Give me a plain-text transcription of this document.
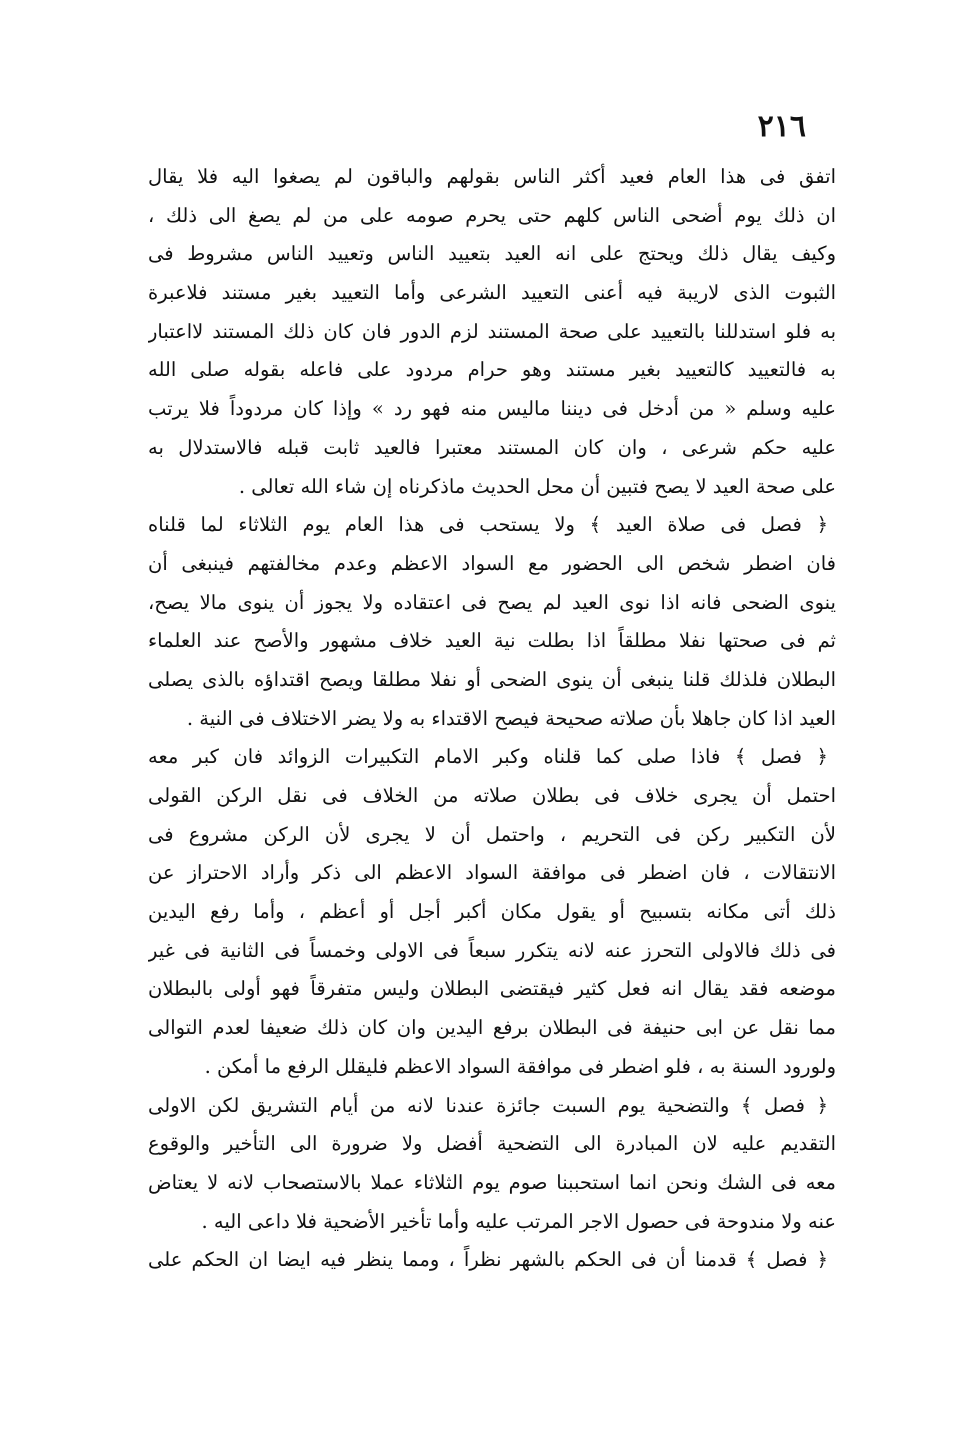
٢١٦
اتفق فى هذا العام فعيد أكثر الناس بقولهم والباقون لم يصغوا اليه فلا يقال
ان ذلك يوم أضحى الناس كلهم حتى يحرم صومه على من لم يصغ الى ذلك ،
وكيف يقال ذلك ويحتج على انه العيد بتعييد الناس وتعييد الناس مشروط فى
الثبوت الذى لاريبة فيه أعنى التعييد الشرعى وأما التعييد بغير مستند فلاعبرة
به فلو استدللنا بالتعييد على صحة المستند لزم الدور فان كان ذلك المستند لااعتبار
به فالتعييد كالتعييد بغير مستند وهو حرام مردود على فاعله بقوله صلى الله
عليه وسلم « من أدخل فى ديننا ماليس منه فهو رد » وإذا كان مردوداً فلا يرتب
عليه حكم شرعى ، وان كان المستند معتبرا فالعيد ثابت قبله فالاستدلال به
على صحة العيد لا يصح فتبين أن محل الحديث ماذكرناه إن شاء الله تعالى .
﴿ فصل فى صلاة العيد ﴾ ولا يستحب فى هذا العام يوم الثلاثاء لما قلناه
فان اضطر شخص الى الحضور مع السواد الاعظم وعدم مخالفتهم فينبغى أن
ينوى الضحى فانه اذا نوى العيد لم يصح فى اعتقاده ولا يجوز أن ينوى مالا يصح،
ثم فى صحتها نفلا مطلقاً اذا بطلت نية العيد خلاف مشهور والأصح عند العلماء
البطلان فلذلك قلنا ينبغى أن ينوى الضحى أو نفلا مطلقا ويصح اقتداؤه بالذى يصلى
العيد اذا كان جاهلا بأن صلاته صحيحة فيصح الاقتداء به ولا يضر الاختلاف فى النية .
﴿ فصل ﴾ فاذا صلى كما قلناه وكبر الامام التكبيرات الزوائد فان كبر معه
احتمل أن يجرى خلاف فى بطلان صلاته من الخلاف فى نقل الركن القولى
لأن التكبير ركن فى التحريم ، واحتمل أن لا يجرى لأن الركن مشروع فى
الانتقالات ، فان اضطر فى موافقة السواد الاعظم الى ذكر وأراد الاحتراز عن
ذلك أتى مكانه بتسبيح أو يقول مكان أكبر أجل أو أعظم ، وأما رفع اليدين
فى ذلك فالاولى التحرز عنه لانه يتكرر سبعاً فى الاولى وخمساً فى الثانية فى غير
موضعه فقد يقال انه فعل كثير فيقتضى البطلان وليس متفرقاً فهو أولى بالبطلان
مما نقل عن ابى حنيفة فى البطلان برفع اليدين وان كان ذلك ضعيفا لعدم التوالى
ولورود السنة به ، فلو اضطر فى موافقة السواد الاعظم فليقلل الرفع ما أمكن .
﴿ فصل ﴾ والتضحية يوم السبت جائزة عندنا لانه من أيام التشريق لكن الاولى
التقديم عليه لان المبادرة الى التضحية أفضل ولا ضرورة الى التأخير والوقوع
معه فى الشك ونحن انما استحببنا صوم يوم الثلاثاء عملا بالاستصحاب لانه لا يعتاض
عنه ولا مندوحة فى حصول الاجر المرتب عليه وأما تأخير الأضحية فلا داعى اليه .
﴿ فصل ﴾ قدمنا أن فى الحكم بالشهر نظراً ، ومما ينظر فيه ايضا ان الحكم على
